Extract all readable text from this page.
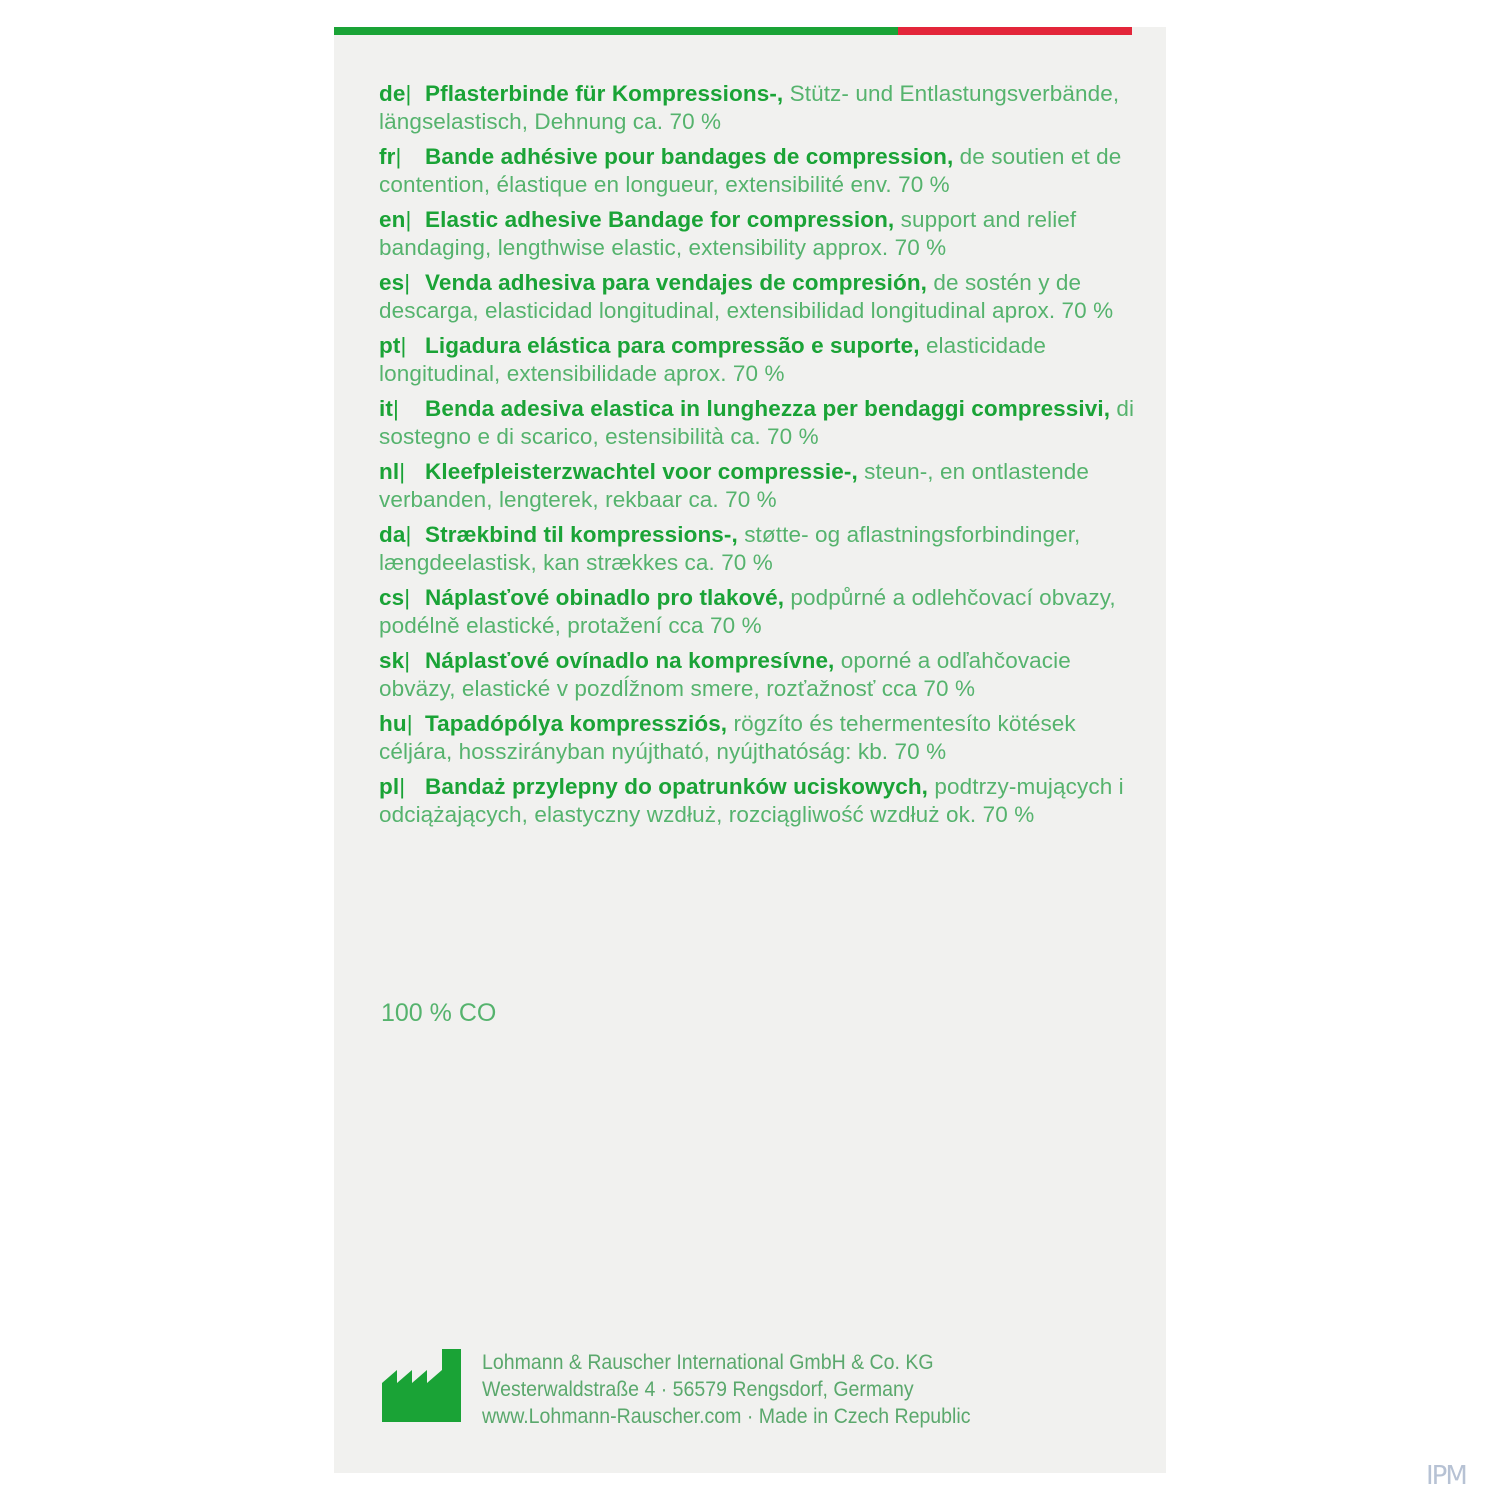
de|Pflasterbinde für Kompressions-, Stütz- und Entlastungsverbände, längselastisch, Dehnung ca. 70 %
fr|Bande adhésive pour bandages de compression, de soutien et de contention, élastique en longueur, extensibilité env. 70 %
en|Elastic adhesive Bandage for compression, support and relief bandaging, lengthwise elastic, extensibility approx. 70 %
es|Venda adhesiva para vendajes de compresión, de sostén y de descarga, elasticidad longitudinal, extensibilidad longitudinal aprox. 70 %
pt|Ligadura elástica para compressão e suporte, elasticidade longitudinal, extensibilidade aprox. 70 %
it|Benda adesiva elastica in lunghezza per bendaggi compressivi, di sostegno e di scarico, estensibilità ca. 70 %
nl|Kleefpleisterzwachtel voor compressie-, steun-, en ontlastende verbanden, lengterek, rekbaar ca. 70 %
da|Strækbind til kompressions-, støtte- og aflastningsforbindinger, længdeelastisk, kan strækkes ca. 70 %
cs|Náplasťové obinadlo pro tlakové, podpůrné a odlehčovací obvazy, podélně elastické, protažení cca 70 %
sk|Náplasťové ovínadlo na kompresívne, oporné a odľahčovacie obväzy, elastické v pozdĺžnom smere, rozťažnosť cca 70 %
hu|Tapadópólya kompressziós, rögzíto és tehermentesíto kötések céljára, hosszirányban nyújtható, nyújthatóság: kb. 70 %
pl|Bandaż przylepny do opatrunków uciskowych, podtrzy-mujących i odciążających, elastyczny wzdłuż, rozciągliwość wzdłuż ok. 70 %
100 % CO
Lohmann & Rauscher International GmbH & Co. KG
Westerwaldstraße 4 · 56579 Rengsdorf, Germany
www.Lohmann-Rauscher.com · Made in Czech Republic
IPM
